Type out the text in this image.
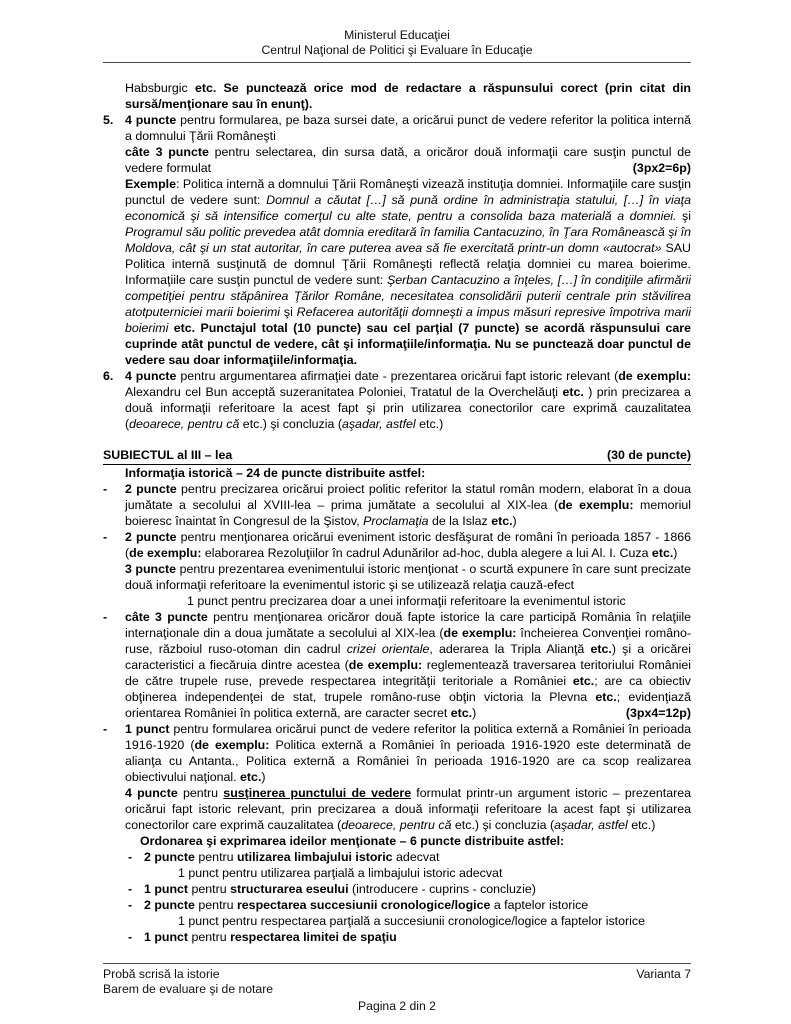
Ministerul Educaţiei
Centrul Naţional de Politici şi Evaluare în Educaţie

Habsburgic etc. Se punctează orice mod de redactare a răspunsului corect (prin citat din sursă/menţionare sau în enunţ).

5. 4 puncte pentru formularea, pe baza sursei date, a oricărui punct de vedere referitor la politica internă a domnului Ţării Româneşti

(3px2=6p)
câte 3 puncte pentru selectarea, din sursa dată, a oricăror două informaţii care susţin punctul de vedere formulat

Exemple: Politica internă a domnului Ţării Româneşti vizează instituţia domniei. Informaţiile care susţin punctul de vedere sunt: Domnul a căutat […] să pună ordine în administraţia statului, […] în viaţa economică şi să intensifice comerţul cu alte state, pentru a consolida baza materială a domniei. şi Programul său politic prevedea atât domnia ereditară în familia Cantacuzino, în Ţara Românească şi în Moldova, cât şi un stat autoritar, în care puterea avea să fie exercitată printr-un domn «autocrat» SAU Politica internă susţinută de domnul Ţării Româneşti reflectă relaţia domniei cu marea boierime. Informaţiile care susţin punctul de vedere sunt: Şerban Cantacuzino a înţeles, […] în condiţiile afirmării competiţiei pentru stăpânirea Ţărilor Române, necesitatea consolidării puterii centrale prin stăvilirea atotputerniciei marii boierimi şi Refacerea autorităţii domneşti a impus măsuri represive împotriva marii boierimi etc. Punctajul total (10 puncte) sau cel parţial (7 puncte) se acordă răspunsului care cuprinde atât punctul de vedere, cât şi informaţiile/informaţia. Nu se punctează doar punctul de vedere sau doar informaţiile/informaţia.

6. 4 puncte pentru argumentarea afirmaţiei date - prezentarea oricărui fapt istoric relevant (de exemplu: Alexandru cel Bun acceptă suzeranitatea Poloniei, Tratatul de la Overchelăuţi etc. ) prin precizarea a două informaţii referitoare la acest fapt şi prin utilizarea conectorilor care exprimă cauzalitatea (deoarece, pentru că etc.) şi concluzia (aşadar, astfel etc.)

SUBIECTUL al III – lea	(30 de puncte)

Informaţia istorică – 24 de puncte distribuite astfel:

-	2 puncte pentru precizarea oricărui proiect politic referitor la statul român modern, elaborat în a doua jumătate a secolului al XVIII-lea – prima jumătate a secolului al XIX-lea (de exemplu: memoriul boieresc înaintat în Congresul de la Şistov, Proclamaţia de la Islaz etc.)

-	2 puncte pentru menţionarea oricărui eveniment istoric desfăşurat de români în perioada 1857 - 1866 (de exemplu: elaborarea Rezoluţiilor în cadrul Adunărilor ad-hoc, dubla alegere a lui Al. I. Cuza etc.)

3 puncte pentru prezentarea evenimentului istoric menţionat - o scurtă expunere în care sunt precizate două informaţii referitoare la evenimentul istoric şi se utilizează relaţia cauză-efect

1 punct pentru precizarea doar a unei informaţii referitoare la evenimentul istoric

-

(3px4=12p)
câte 3 puncte pentru menţionarea oricăror două fapte istorice la care participă România în relaţiile internaţionale din a doua jumătate a secolului al XIX-lea (de exemplu: încheierea Convenţiei româno-ruse, războiul ruso-otoman din cadrul crizei orientale, aderarea la Tripla Alianţă etc.) şi a oricărei caracteristici a fiecăruia dintre acestea (de exemplu: reglementează traversarea teritoriului României de către trupele ruse, prevede respectarea integrităţii teritoriale a României etc.; are ca obiectiv obţinerea independenţei de stat, trupele româno-ruse obţin victoria la Plevna etc.; evidenţiază orientarea României în politica externă, are caracter secret etc.)

-	1 punct pentru formularea oricărui punct de vedere referitor la politica externă a României în perioada 1916-1920 (de exemplu: Politica externă a României în perioada 1916-1920 este determinată de alianţa cu Antanta., Politica externă a României în perioada 1916-1920 are ca scop realizarea obiectivului naţional. etc.)

4 puncte pentru susţinerea punctului de vedere formulat printr-un argument istoric – prezentarea oricărui fapt istoric relevant, prin precizarea a două informaţii referitoare la acest fapt şi utilizarea conectorilor care exprimă cauzalitatea (deoarece, pentru că etc.) şi concluzia (aşadar, astfel etc.)

Ordonarea şi exprimarea ideilor menţionate – 6 puncte distribuite astfel:

- 2 puncte pentru utilizarea limbajului istoric adecvat

1 punct pentru utilizarea parţială a limbajului istoric adecvat

- 1 punct pentru structurarea eseului (introducere - cuprins - concluzie)

- 2 puncte pentru respectarea succesiunii cronologice/logice a faptelor istorice

1 punct pentru respectarea parţială a succesiunii cronologice/logice a faptelor istorice

- 1 punct pentru respectarea limitei de spaţiu

Probă scrisă la istorie	Varianta 7
Barem de evaluare şi de notare
Pagina 2 din 2
